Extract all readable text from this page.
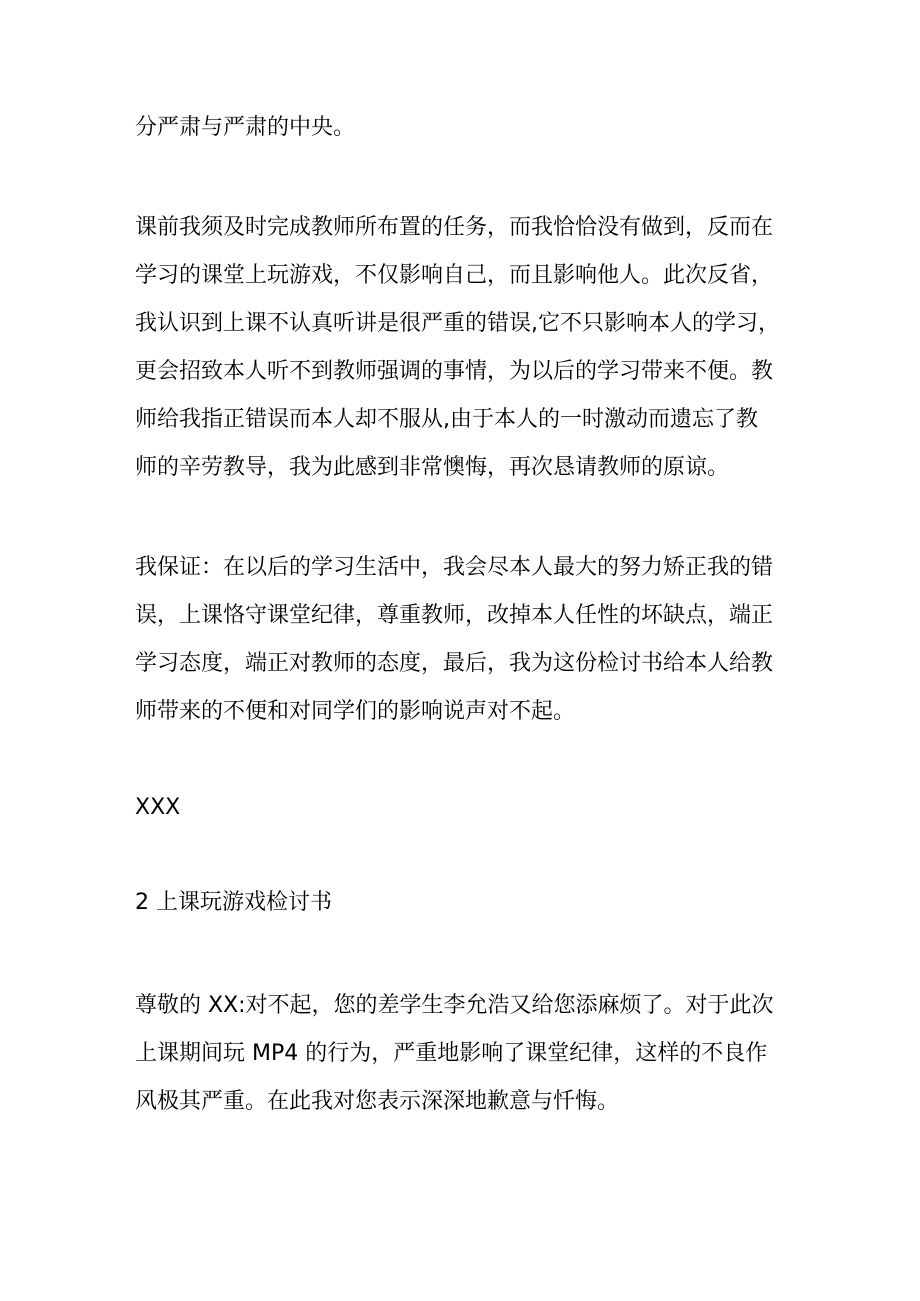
分严肃与严肃的中央。

课前我须及时完成教师所布置的任务，而我恰恰没有做到，反而在
学习的课堂上玩游戏，不仅影响自己，而且影响他人。此次反省，
我认识到上课不认真听讲是很严重的错误,它不只影响本人的学习，
更会招致本人听不到教师强调的事情，为以后的学习带来不便。教
师给我指正错误而本人却不服从,由于本人的一时激动而遗忘了教
师的辛劳教导，我为此感到非常懊悔，再次恳请教师的原谅。

我保证：在以后的学习生活中，我会尽本人最大的努力矫正我的错
误，上课恪守课堂纪律，尊重教师，改掉本人任性的坏缺点，端正
学习态度，端正对教师的态度，最后，我为这份检讨书给本人给教
师带来的不便和对同学们的影响说声对不起。

XXX

2 上课玩游戏检讨书

尊敬的 XX:对不起，您的差学生李允浩又给您添麻烦了。对于此次
上课期间玩 MP4 的行为，严重地影响了课堂纪律，这样的不良作
风极其严重。在此我对您表示深深地歉意与忏悔。
